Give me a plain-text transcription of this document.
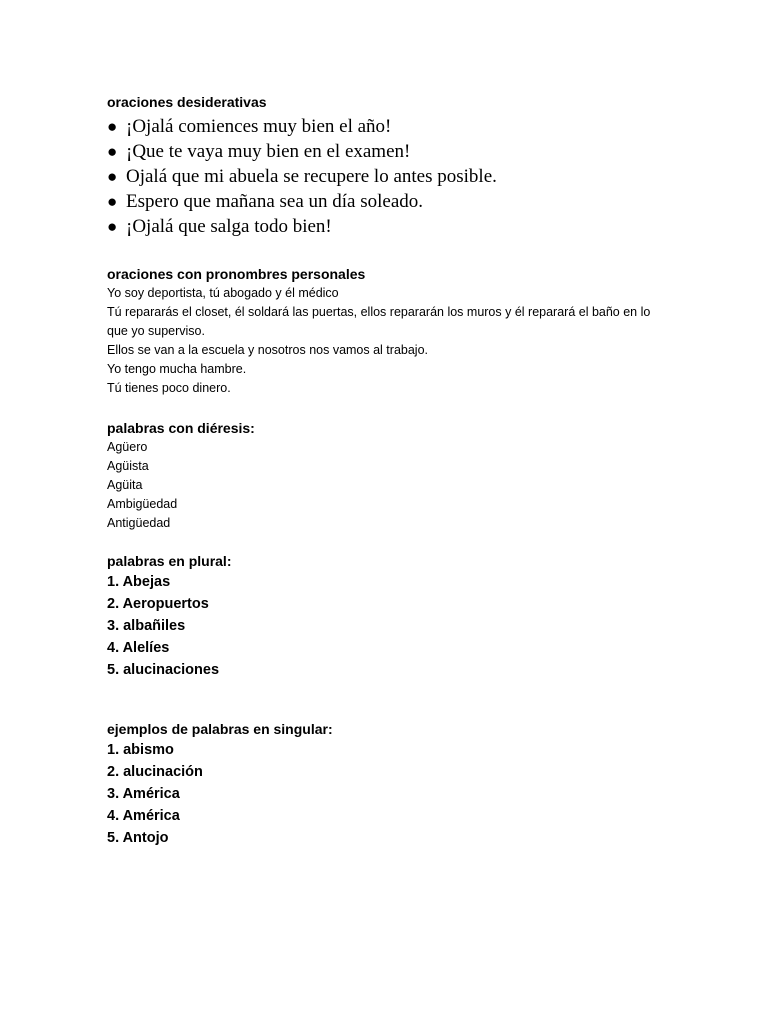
oraciones desiderativas

● ¡Ojalá comiences muy bien el año!
● ¡Que te vaya muy bien en el examen!
● Ojalá que mi abuela se recupere lo antes posible.
● Espero que mañana sea un día soleado.
● ¡Ojalá que salga todo bien!

oraciones con pronombres personales

Yo soy deportista, tú abogado y él médico
Tú repararás el closet, él soldará las puertas, ellos repararán los muros y él reparará el baño en lo que yo superviso.
Ellos se van a la escuela y nosotros nos vamos al trabajo.
Yo tengo mucha hambre.
Tú tienes poco dinero.

palabras con diéresis:

Agüero
Agüista
Agüita
Ambigüedad
Antigüedad

palabras en plural:

1. Abejas
2. Aeropuertos
3. albañiles
4. Alelíes
5. alucinaciones

ejemplos de palabras en singular:

1. abismo
2. alucinación
3. América
4. América
5. Antojo
